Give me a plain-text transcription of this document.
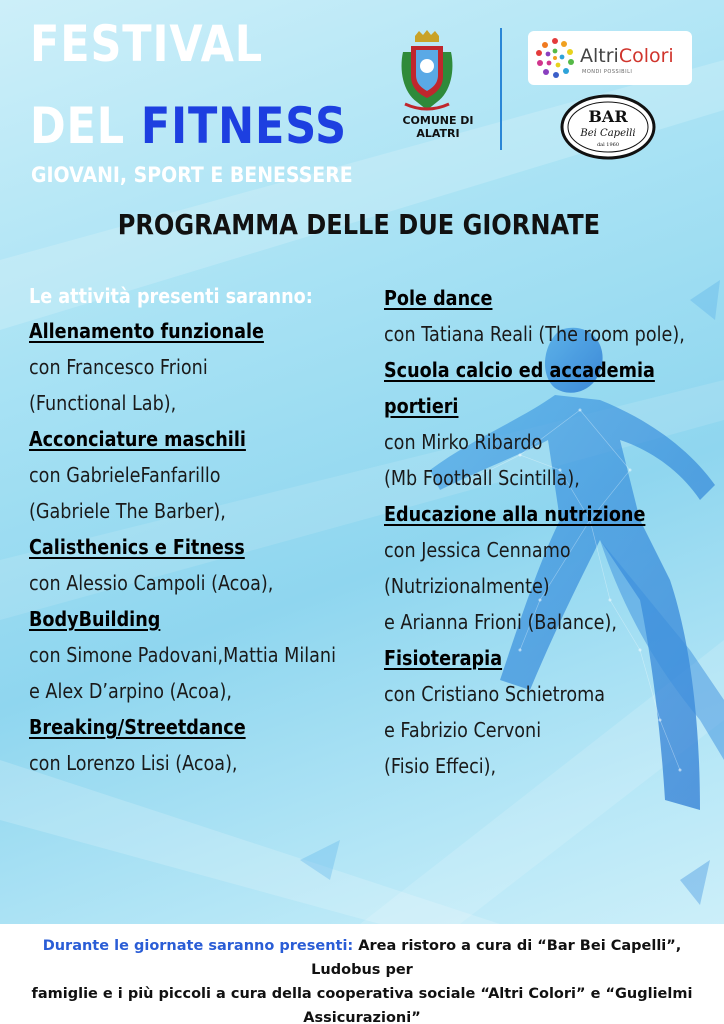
FESTIVAL
DEL FITNESS
GIOVANI, SPORT E BENESSERE
COMUNE DI ALATRI
AltriColori
MONDI POSSIBILI
BAR
Bei Capelli
dal 1960
PROGRAMMA DELLE DUE GIORNATE
Le attività presenti saranno:
Allenamento funzionale
con Francesco Frioni
(Functional Lab),
Acconciature maschili
con GabrieleFanfarillo
(Gabriele The Barber),
Calisthenics e Fitness
con Alessio Campoli (Acoa),
BodyBuilding
con Simone Padovani,Mattia Milani
e Alex D’arpino (Acoa),
Breaking/Streetdance
con Lorenzo Lisi (Acoa),
Pole dance
con Tatiana Reali (The room pole),
Scuola calcio ed accademia
portieri
con Mirko Ribardo
(Mb Football Scintilla),
Educazione alla nutrizione
con Jessica Cennamo
(Nutrizionalmente)
e Arianna Frioni (Balance),
Fisioterapia
con Cristiano Schietroma
e Fabrizio Cervoni
(Fisio Effeci),
Durante le giornate saranno presenti: Area ristoro a cura di “Bar Bei Capelli”, Ludobus per
famiglie e i più piccoli a cura della cooperativa sociale “Altri Colori” e “Guglielmi Assicurazioni”
